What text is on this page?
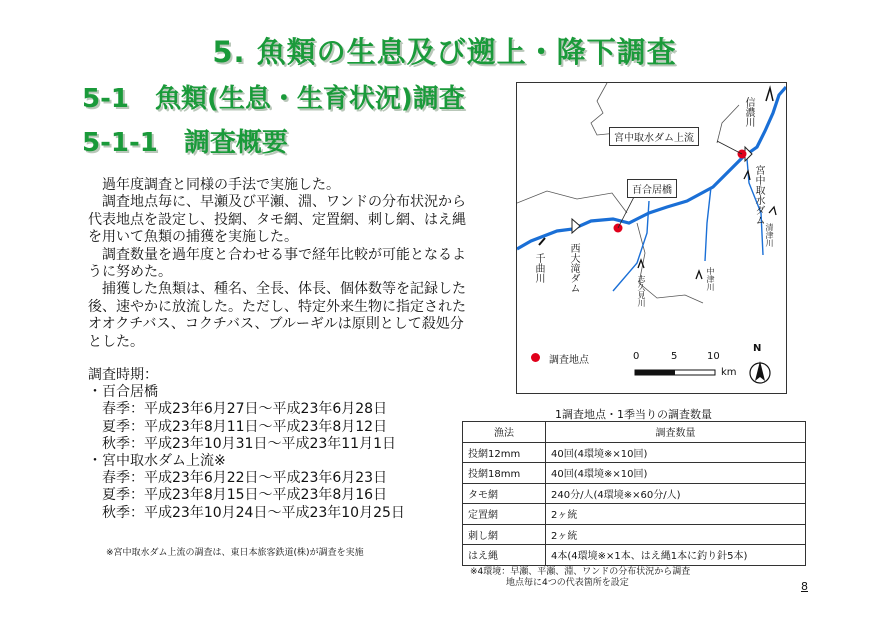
5. 魚類の生息及び遡上・降下調査
5-1　魚類(生息・生育状況)調査
5-1-1　調査概要

　過年度調査と同様の手法で実施した。

　調査地点毎に、早瀬及び平瀬、淵、ワンドの分布状況から代表地点を設定し、投網、タモ網、定置網、刺し網、はえ縄を用いて魚類の捕獲を実施した。

　調査数量を過年度と合わせる事で経年比較が可能となるように努めた。

　捕獲した魚類は、種名、全長、体長、個体数等を記録した後、速やかに放流した。ただし、特定外来生物に指定されたオオクチバス、コクチバス、ブルーギルは原則として殺処分とした。

調査時期：
・百合居橋
春季：平成23年6月27日～平成23年6月28日
夏季：平成23年8月11日～平成23年8月12日
秋季：平成23年10月31日～平成23年11月1日
・宮中取水ダム上流※
春季：平成23年6月22日～平成23年6月23日
夏季：平成23年8月15日～平成23年8月16日
秋季：平成23年10月24日～平成23年10月25日
※宮中取水ダム上流の調査は、東日本旅客鉄道(株)が調査を実施
宮中取水ダム上流
百合居橋
信濃川
宮中取水ダム
西大滝ダム
千曲川
清津川
中津川
志久見川
調査地点	0	5	10
km
N
1調査地点・1季当りの調査数量
漁法	調査数量
投網12mm	40回(4環境※×10回)
投網18mm	40回(4環境※×10回)
タモ網	240分/人(4環境※×60分/人)
定置網	2ヶ統
刺し網	2ヶ統
はえ縄	4本(4環境※×1本、はえ縄1本に釣り針5本)
※4環境：早瀬、平瀬、淵、ワンドの分布状況から調査
　　　　地点毎に4つの代表箇所を設定	8
